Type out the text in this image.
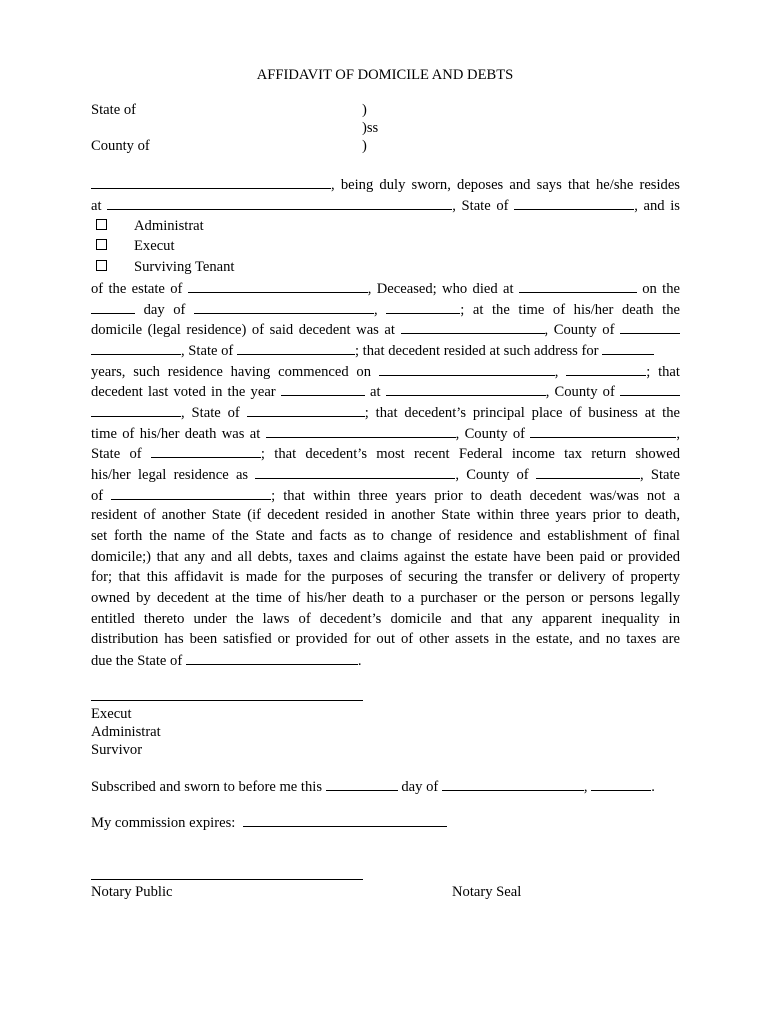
AFFIDAVIT OF DOMICILE AND DEBTS
State of	)
)ss
County of	)
, being duly sworn, deposes and says that he/she resides
at	, State of	, and is
Administrat
Execut
Surviving Tenant
of the estate of	, Deceased; who died at	on the
day of	,	; at the time of his/her death the
domicile (legal residence) of said decedent was at	, County of
, State of	; that decedent resided at such address for
years, such residence having commenced on	,	; that
decedent last voted in the year	at	, County of
, State of	; that decedent’s principal place of business at the
time of his/her death was at	, County of	,
State of	; that decedent’s most recent Federal income tax return showed
his/her legal residence as	, County of	, State
of	; that within three years prior to death decedent was/was not a
resident of another State (if decedent resided in another State within three years prior to death,
set forth the name of the State and facts as to change of residence and establishment of final
domicile;) that any and all debts, taxes and claims against the estate have been paid or provided
for; that this affidavit is made for the purposes of securing the transfer or delivery of property
owned by decedent at the time of his/her death to a purchaser or the person or persons legally
entitled thereto under the laws of decedent’s domicile and that any apparent inequality in
distribution has been satisfied or provided for out of other assets in the estate, and no taxes are
due the State of	.
Execut
Administrat
Survivor
Subscribed and sworn to before me this	day of	,	.
My commission expires:
Notary Public	Notary Seal
